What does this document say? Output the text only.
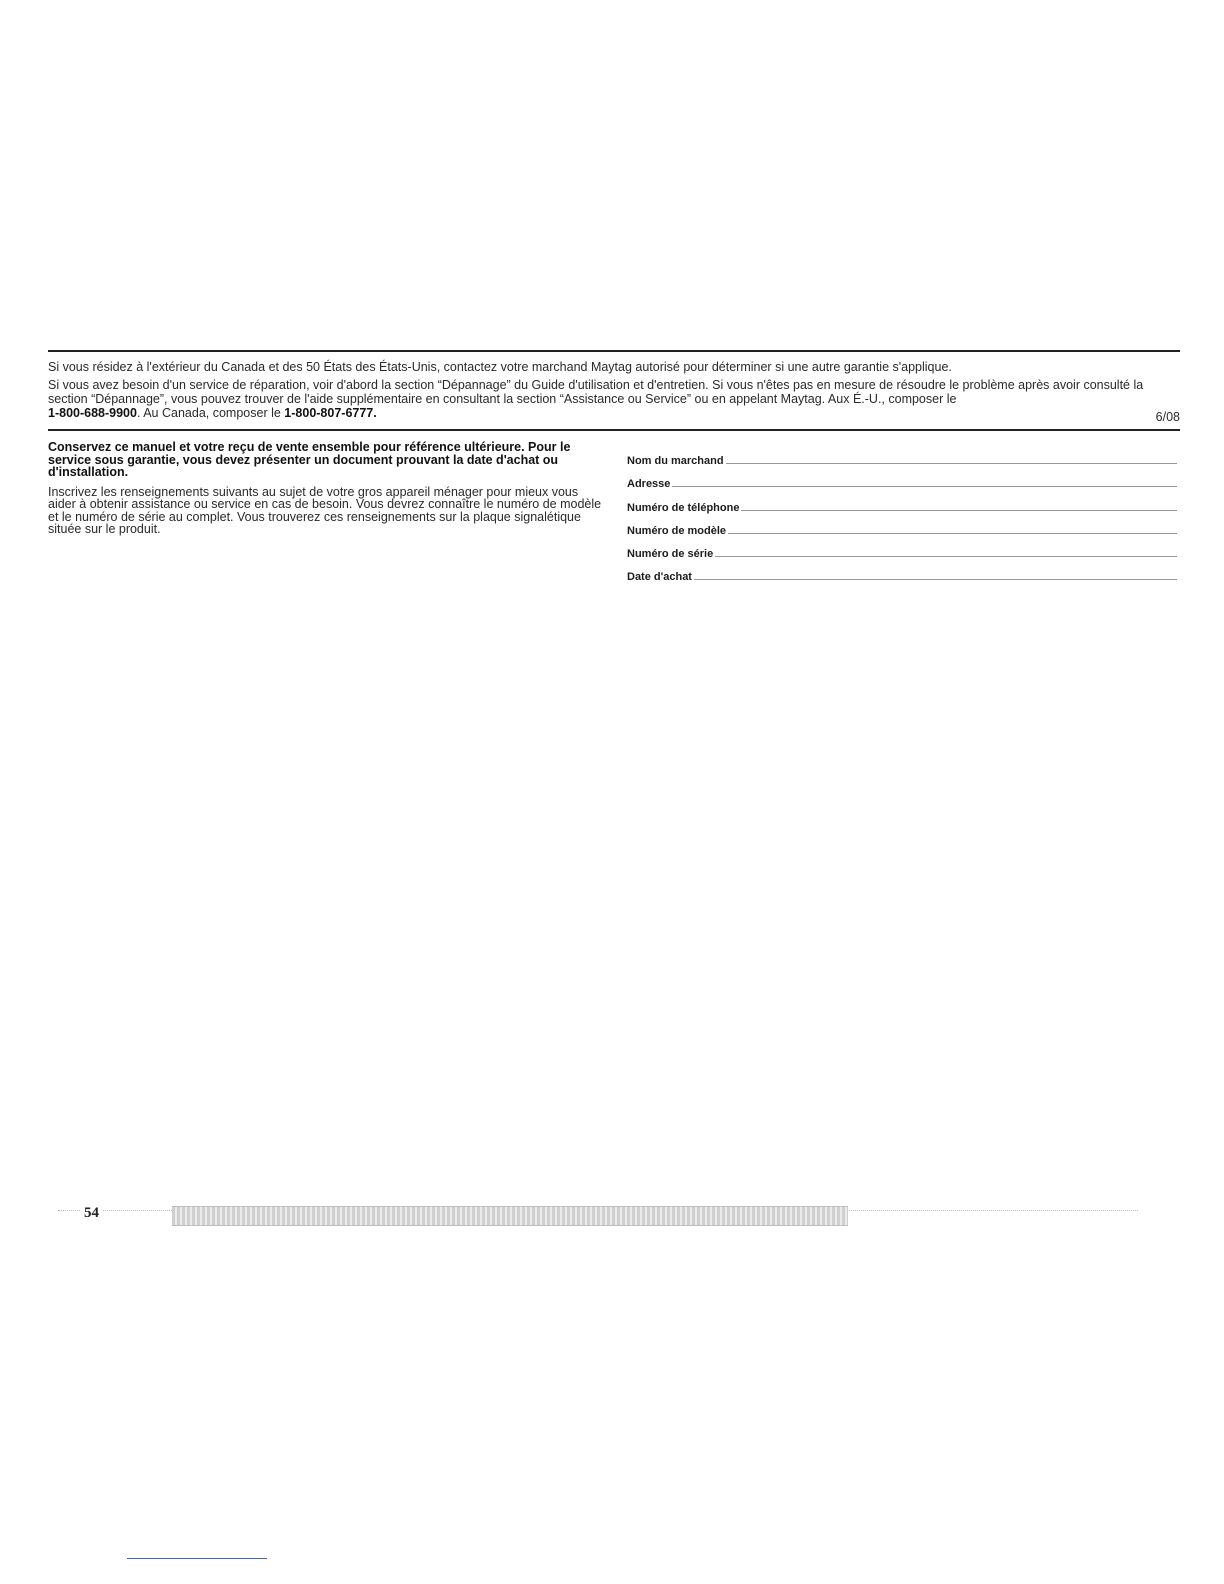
Si vous résidez à l'extérieur du Canada et des 50 États des États-Unis, contactez votre marchand Maytag autorisé pour déterminer si une autre garantie s'applique.

Si vous avez besoin d'un service de réparation, voir d'abord la section “Dépannage” du Guide d'utilisation et d'entretien. Si vous n'êtes pas en mesure de résoudre le problème après avoir consulté la section “Dépannage”, vous pouvez trouver de l'aide supplémentaire en consultant la section “Assistance ou Service” ou en appelant Maytag. Aux É.-U., composer le
1-800-688-9900. Au Canada, composer le 1-800-807-6777.	6/08

Conservez ce manuel et votre reçu de vente ensemble pour référence ultérieure. Pour le service sous garantie, vous devez présenter un document prouvant la date d'achat ou d'installation.

Inscrivez les renseignements suivants au sujet de votre gros appareil ménager pour mieux vous aider à obtenir assistance ou service en cas de besoin. Vous devrez connaître le numéro de modèle et le numéro de série au complet. Vous trouverez ces renseignements sur la plaque signalétique située sur le produit.

Nom du marchand
Adresse
Numéro de téléphone
Numéro de modèle
Numéro de série
Date d'achat
54
